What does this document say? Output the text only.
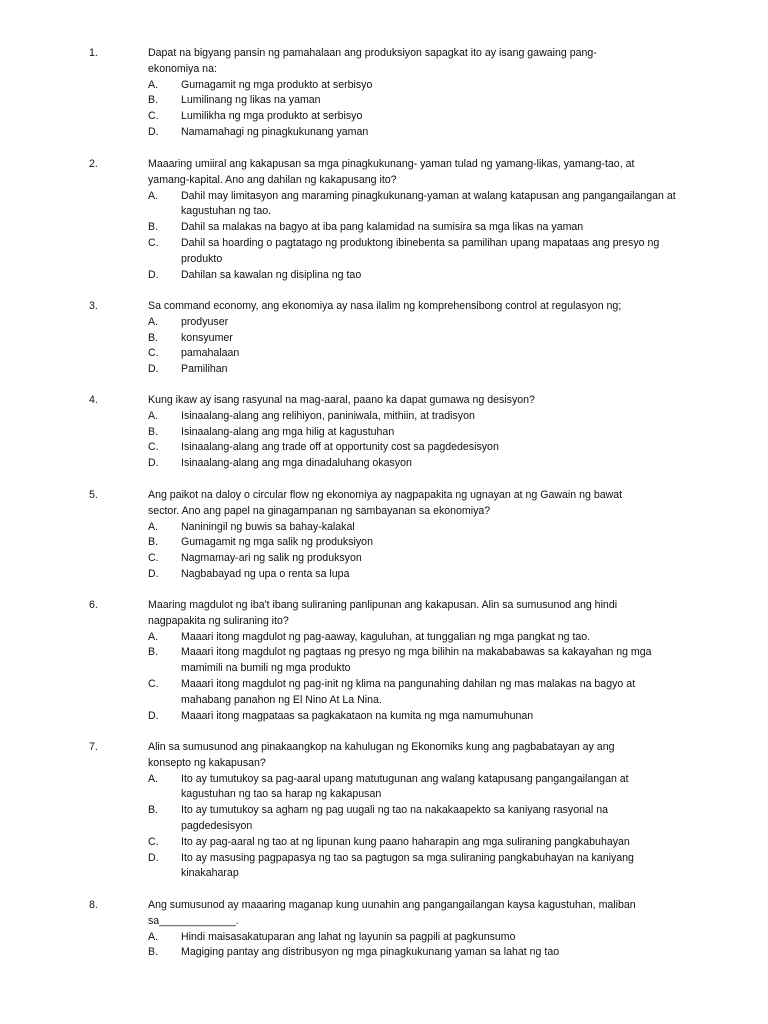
1.	Dapat na bigyang pansin ng pamahalaan ang produksiyon sapagkat ito ay isang gawaing pang-ekonomiya na:
A. Gumagamit ng mga produkto at serbisyo
B. Lumilinang ng likas na yaman
C. Lumilikha ng mga produkto at serbisyo
D. Namamahagi ng pinagkukunang yaman
2.	Maaaring umiiral ang kakapusan sa mga pinagkukunang- yaman tulad ng yamang-likas, yamang-tao, at yamang-kapital. Ano ang dahilan ng kakapusang ito?
A. Dahil may limitasyon ang maraming pinagkukunang-yaman at walang katapusan ang pangangailangan at kagustuhan ng tao.
B. Dahil sa malakas na bagyo at iba pang kalamidad na sumisira sa mga likas na yaman
C. Dahil sa hoarding o pagtatago ng produktong ibinebenta sa pamilihan upang mapataas ang presyo ng produkto
D. Dahilan sa kawalan ng disiplina ng tao
3.	Sa command economy, ang ekonomiya ay nasa ilalim ng komprehensibong control at regulasyon ng;
A. prodyuser
B. konsyumer
C. pamahalaan
D. Pamilihan
4.	Kung ikaw ay isang rasyunal na mag-aaral, paano ka dapat gumawa ng desisyon?
A. Isinaalang-alang ang relihiyon, paniniwala, mithiin, at tradisyon
B. Isinaalang-alang ang mga hilig at kagustuhan
C. Isinaalang-alang ang trade off at opportunity cost sa pagdedesisyon
D. Isinaalang-alang ang mga dinadaluhang okasyon
5.	Ang paikot na daloy o circular flow ng ekonomiya ay nagpapakita ng ugnayan at ng Gawain ng bawat sector. Ano ang papel na ginagampanan ng sambayanan sa ekonomiya?
A. Naniningil ng buwis sa bahay-kalakal
B. Gumagamit ng mga salik ng produksiyon
C. Nagmamay-ari ng salik ng produksyon
D. Nagbabayad ng upa o renta sa lupa
6.	Maaring magdulot ng iba't ibang suliraning panlipunan ang kakapusan. Alin sa sumusunod ang hindi nagpapakita ng suliraning ito?
A. Maaari itong magdulot ng pag-aaway, kaguluhan, at tunggalian ng mga pangkat ng tao.
B. Maaari itong magdulot ng pagtaas ng presyo ng mga bilihin na makababawas sa kakayahan ng mga mamimili na bumili ng mga produkto
C. Maaari itong magdulot ng pag-init ng klima na pangunahing dahilan ng mas malakas na bagyo at mahabang panahon ng El Nino At La Nina.
D. Maaari itong magpataas sa pagkakataon na kumita ng mga namumuhunan
7.	Alin sa sumusunod ang pinakaangkop na kahulugan ng Ekonomiks kung ang pagbabatayan ay ang konsepto ng kakapusan?
A. Ito ay tumutukoy sa pag-aaral upang matutugunan ang walang katapusang pangangailangan at kagustuhan ng tao sa harap ng kakapusan
B. Ito ay tumutukoy sa agham ng pag uugali ng tao na nakakaapekto sa kaniyang rasyonal na pagdedesisyon
C. Ito ay pag-aaral ng tao at ng lipunan kung paano haharapin ang mga suliraning pangkabuhayan
D. Ito ay masusing pagpapasya ng tao sa pagtugon sa mga suliraning pangkabuhayan na kaniyang kinakaharap
8.	Ang sumusunod ay maaaring maganap kung uunahin ang pangangailangan kaysa kagustuhan, maliban sa_____________.
A. Hindi maisasakatuparan ang lahat ng layunin sa pagpili at pagkunsumo
B. Magiging pantay ang distribusyon ng mga pinagkukunang yaman sa lahat ng tao
